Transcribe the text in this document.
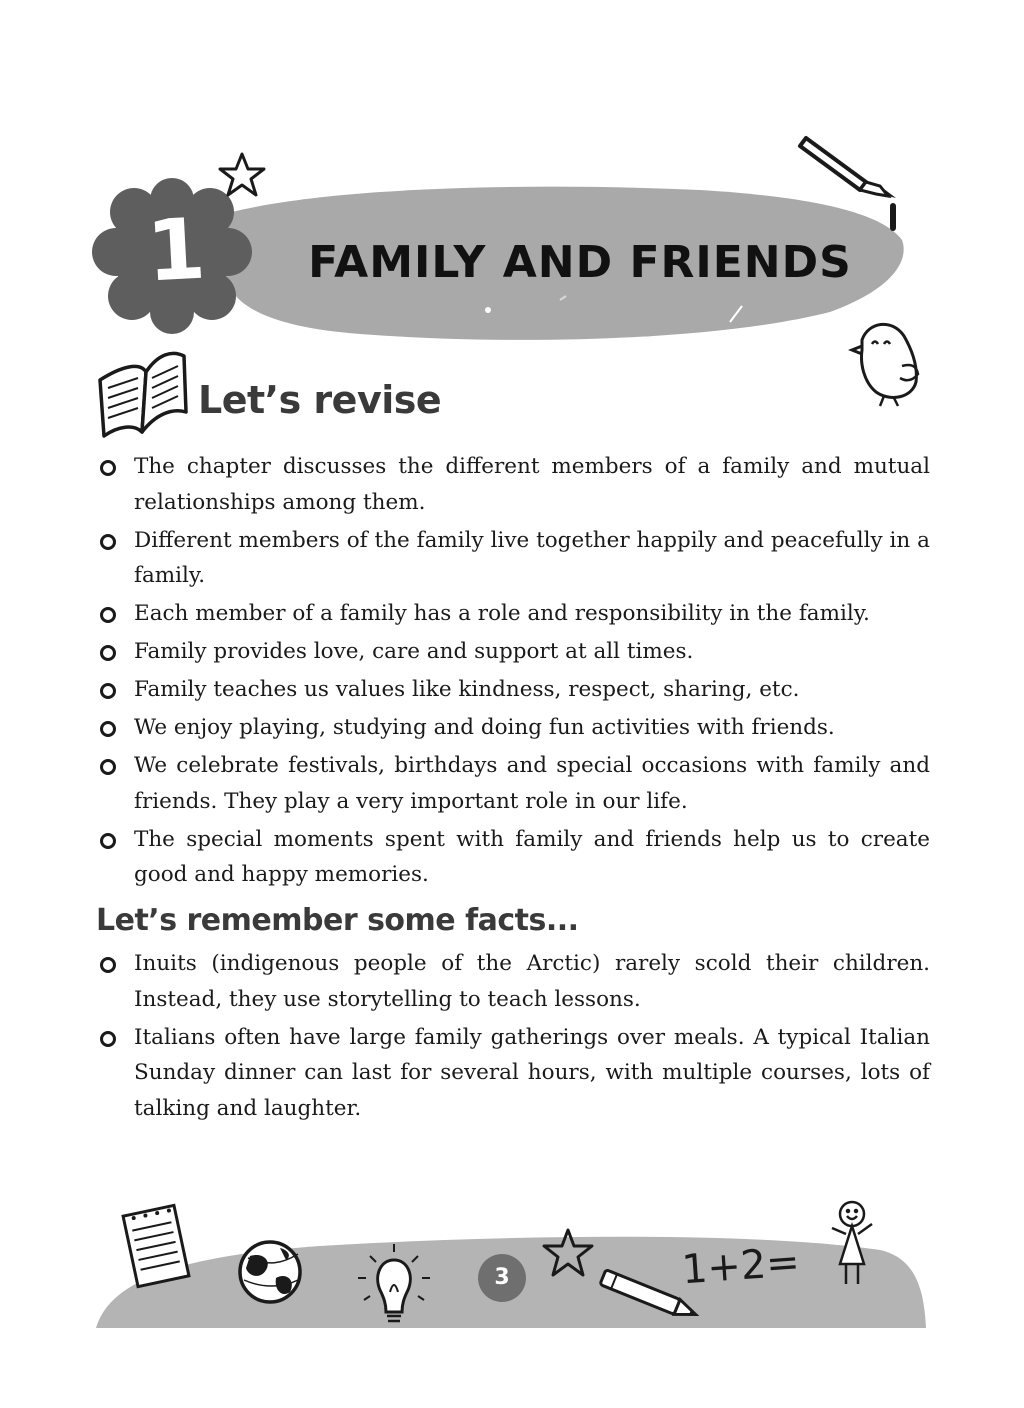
1 FAMILY AND FRIENDS
Let’s revise
The chapter discusses the different members of a family and mutual relationships among them.
Different members of the family live together happily and peacefully in a family.
Each member of a family has a role and responsibility in the family.
Family provides love, care and support at all times.
Family teaches us values like kindness, respect, sharing, etc.
We enjoy playing, studying and doing fun activities with friends.
We celebrate festivals, birthdays and special occasions with family and friends. They play a very important role in our life.
The special moments spent with family and friends help us to create good and happy memories.
Let’s remember some facts...
Inuits (indigenous people of the Arctic) rarely scold their children. Instead, they use storytelling to teach lessons.
Italians often have large family gatherings over meals. A typical Italian Sunday dinner can last for several hours, with multiple courses, lots of talking and laughter.
1+2=
3
